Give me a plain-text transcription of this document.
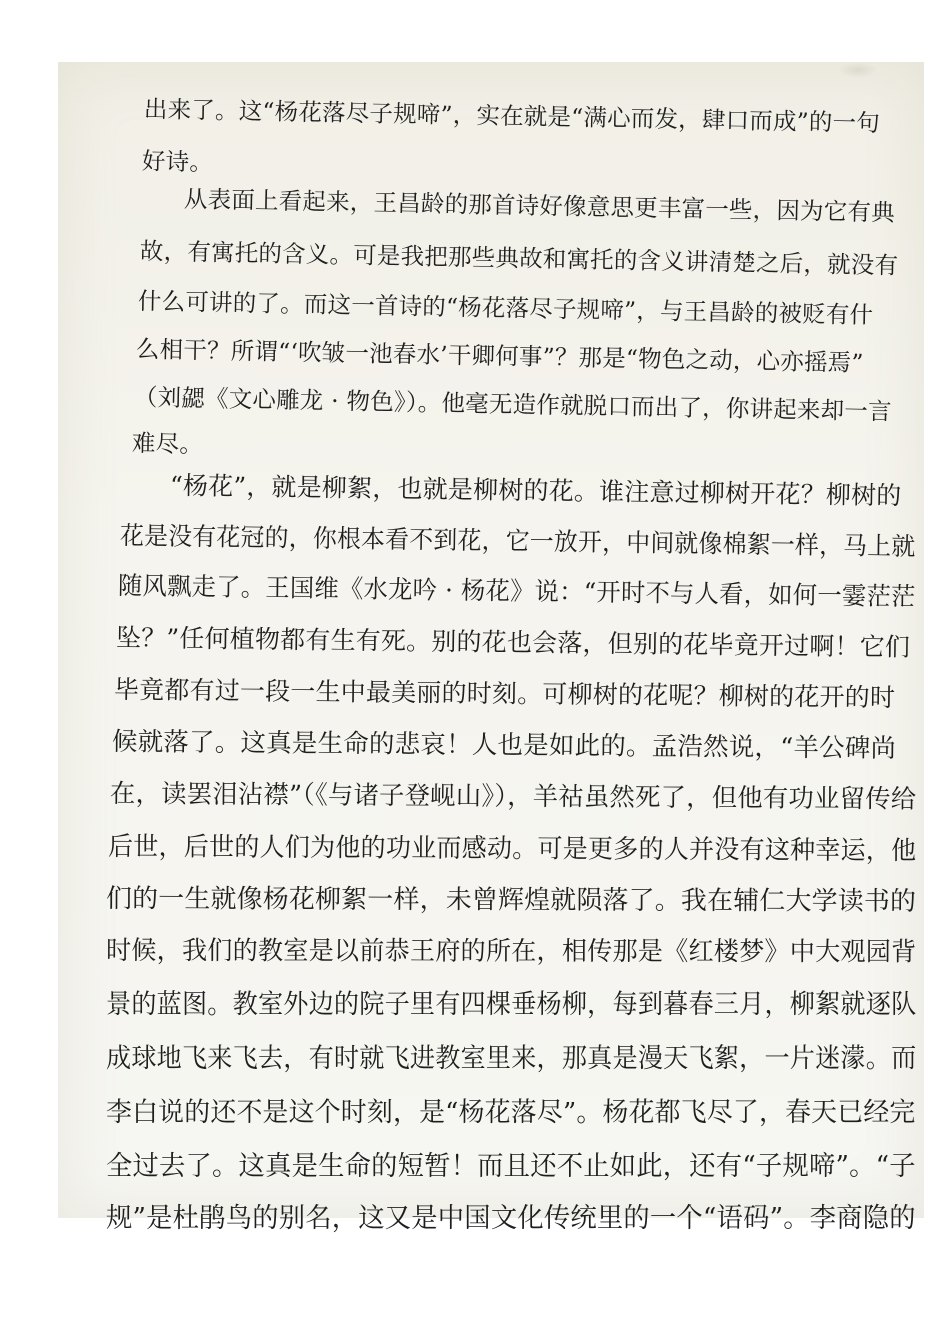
出来了。这“杨花落尽子规啼”，实在就是“满心而发，肆口而成”的一句
好诗。
从表面上看起来，王昌龄的那首诗好像意思更丰富一些，因为它有典
故，有寓托的含义。可是我把那些典故和寓托的含义讲清楚之后，就没有
什么可讲的了。而这一首诗的“杨花落尽子规啼”，与王昌龄的被贬有什
么相干？所谓“‘吹皱一池春水’干卿何事”？那是“物色之动，心亦摇焉”
（刘勰《文心雕龙 · 物色》）。他毫无造作就脱口而出了，你讲起来却一言
难尽。
“杨花”，就是柳絮，也就是柳树的花。谁注意过柳树开花？柳树的
花是没有花冠的，你根本看不到花，它一放开，中间就像棉絮一样，马上就
随风飘走了。王国维《水龙吟 · 杨花》说：“开时不与人看，如何一霎茫茫
坠？”任何植物都有生有死。别的花也会落，但别的花毕竟开过啊！它们
毕竟都有过一段一生中最美丽的时刻。可柳树的花呢？柳树的花开的时
候就落了。这真是生命的悲哀！人也是如此的。孟浩然说，“羊公碑尚
在，读罢泪沾襟”（《与诸子登岘山》），羊祜虽然死了，但他有功业留传给
后世，后世的人们为他的功业而感动。可是更多的人并没有这种幸运，他
们的一生就像杨花柳絮一样，未曾辉煌就陨落了。我在辅仁大学读书的
时候，我们的教室是以前恭王府的所在，相传那是《红楼梦》中大观园背
景的蓝图。教室外边的院子里有四棵垂杨柳，每到暮春三月，柳絮就逐队
成球地飞来飞去，有时就飞进教室里来，那真是漫天飞絮，一片迷濛。而
李白说的还不是这个时刻，是“杨花落尽”。杨花都飞尽了，春天已经完
全过去了。这真是生命的短暂！而且还不止如此，还有“子规啼”。“子
规”是杜鹃鸟的别名，这又是中国文化传统里的一个“语码”。李商隐的
